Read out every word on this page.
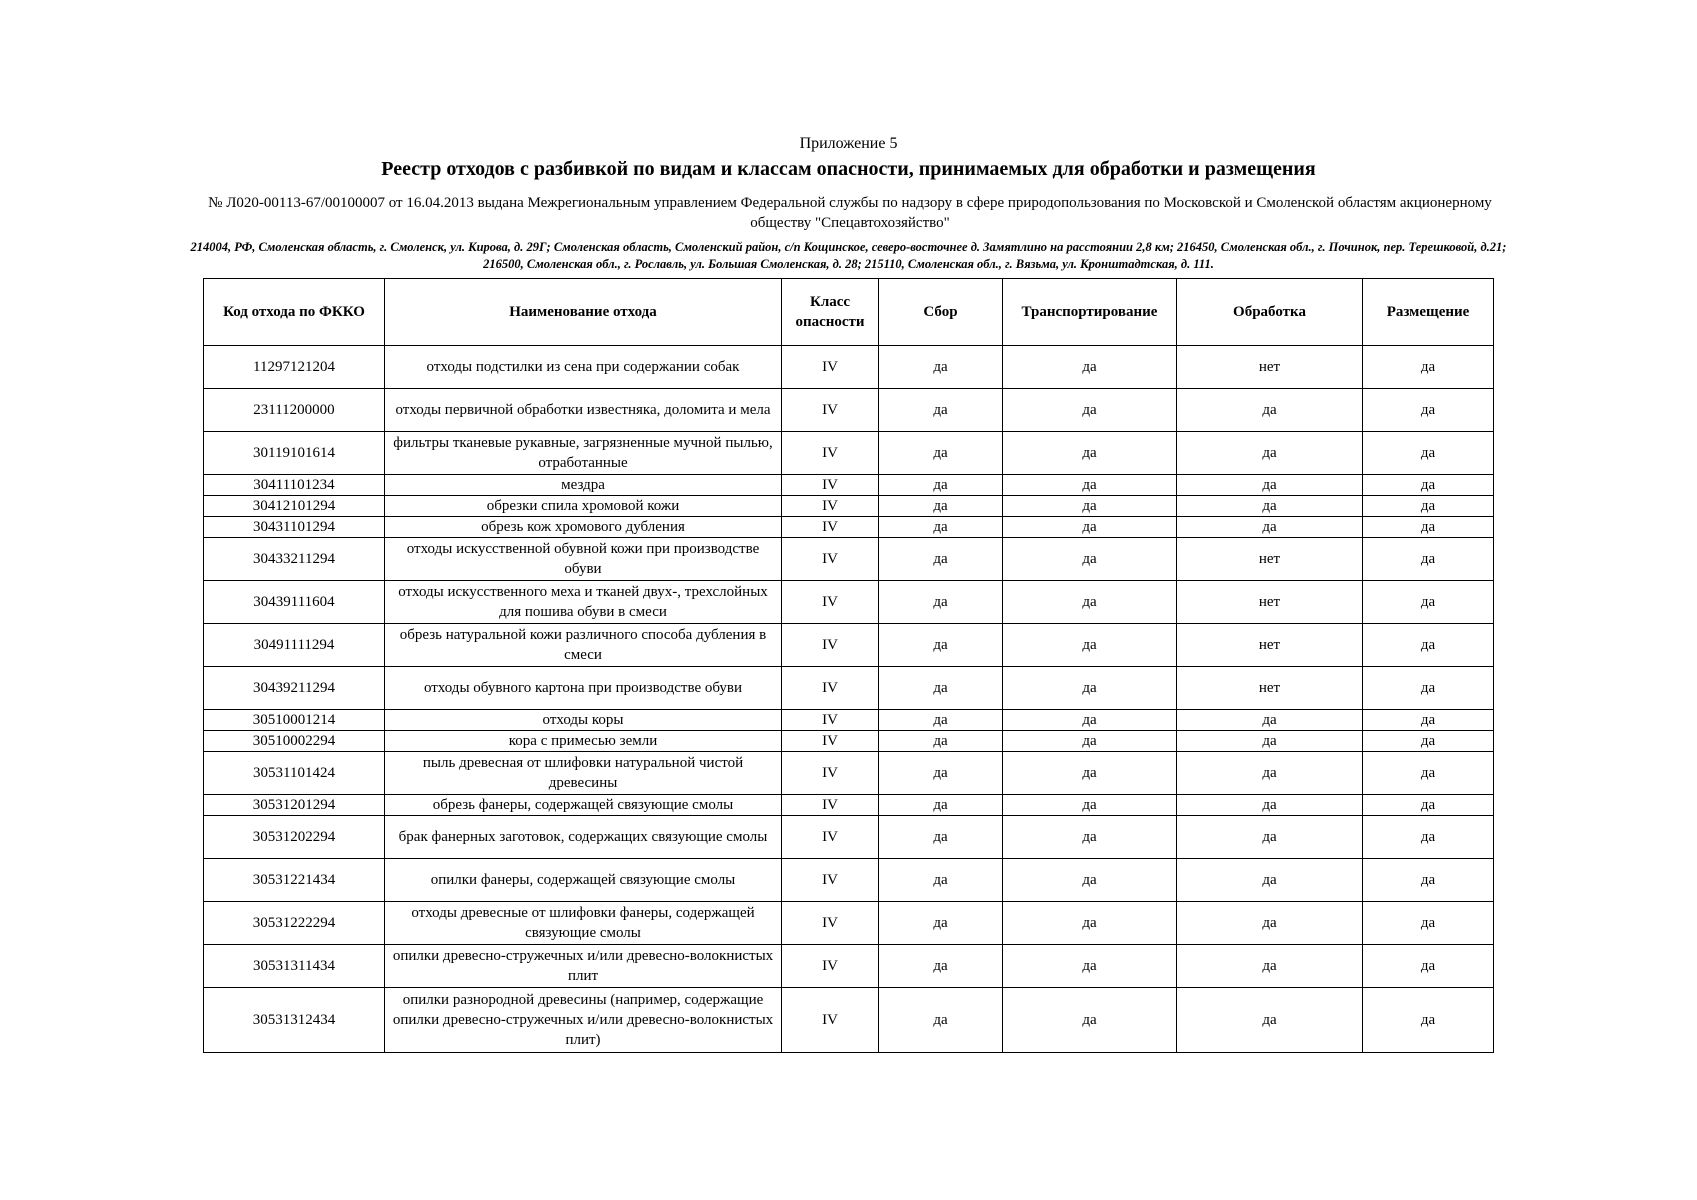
Приложение 5
Реестр отходов с разбивкой по видам и классам опасности, принимаемых для обработки и размещения
№ Л020-00113-67/00100007 от 16.04.2013 выдана Межрегиональным управлением Федеральной службы по надзору в сфере природопользования по Московской и Смоленской областям акционерному обществу "Спецавтохозяйство"
214004, РФ, Смоленская область, г. Смоленск, ул. Кирова, д. 29Г; Смоленская область, Смоленский район, с/п Кощинское, северо-восточнее д. Замятлино на расстоянии 2,8 км; 216450, Смоленская обл., г. Починок, пер. Терешковой, д.21; 216500, Смоленская обл., г. Рославль, ул. Большая Смоленская, д. 28; 215110, Смоленская обл., г. Вязьма, ул. Кронштадтская, д. 111.
Код отхода по ФККО	Наименование отхода	Класс опасности	Сбор	Транспортирование	Обработка	Размещение
11297121204	отходы подстилки из сена при содержании собак	IV	да	да	нет	да
23111200000	отходы первичной обработки известняка, доломита и мела	IV	да	да	да	да
30119101614	фильтры тканевые рукавные, загрязненные мучной пылью, отработанные	IV	да	да	да	да
30411101234	мездра	IV	да	да	да	да
30412101294	обрезки спила хромовой кожи	IV	да	да	да	да
30431101294	обрезь кож хромового дубления	IV	да	да	да	да
30433211294	отходы искусственной обувной кожи при производстве обуви	IV	да	да	нет	да
30439111604	отходы искусственного меха и тканей двух-, трехслойных для пошива обуви в смеси	IV	да	да	нет	да
30491111294	обрезь натуральной кожи различного способа дубления в смеси	IV	да	да	нет	да
30439211294	отходы обувного картона при производстве обуви	IV	да	да	нет	да
30510001214	отходы коры	IV	да	да	да	да
30510002294	кора с примесью земли	IV	да	да	да	да
30531101424	пыль древесная от шлифовки натуральной чистой древесины	IV	да	да	да	да
30531201294	обрезь фанеры, содержащей связующие смолы	IV	да	да	да	да
30531202294	брак фанерных заготовок, содержащих связующие смолы	IV	да	да	да	да
30531221434	опилки фанеры, содержащей связующие смолы	IV	да	да	да	да
30531222294	отходы древесные от шлифовки фанеры, содержащей связующие смолы	IV	да	да	да	да
30531311434	опилки древесно-стружечных и/или древесно-волокнистых плит	IV	да	да	да	да
30531312434	опилки разнородной древесины (например, содержащие опилки древесно-стружечных и/или древесно-волокнистых плит)	IV	да	да	да	да
